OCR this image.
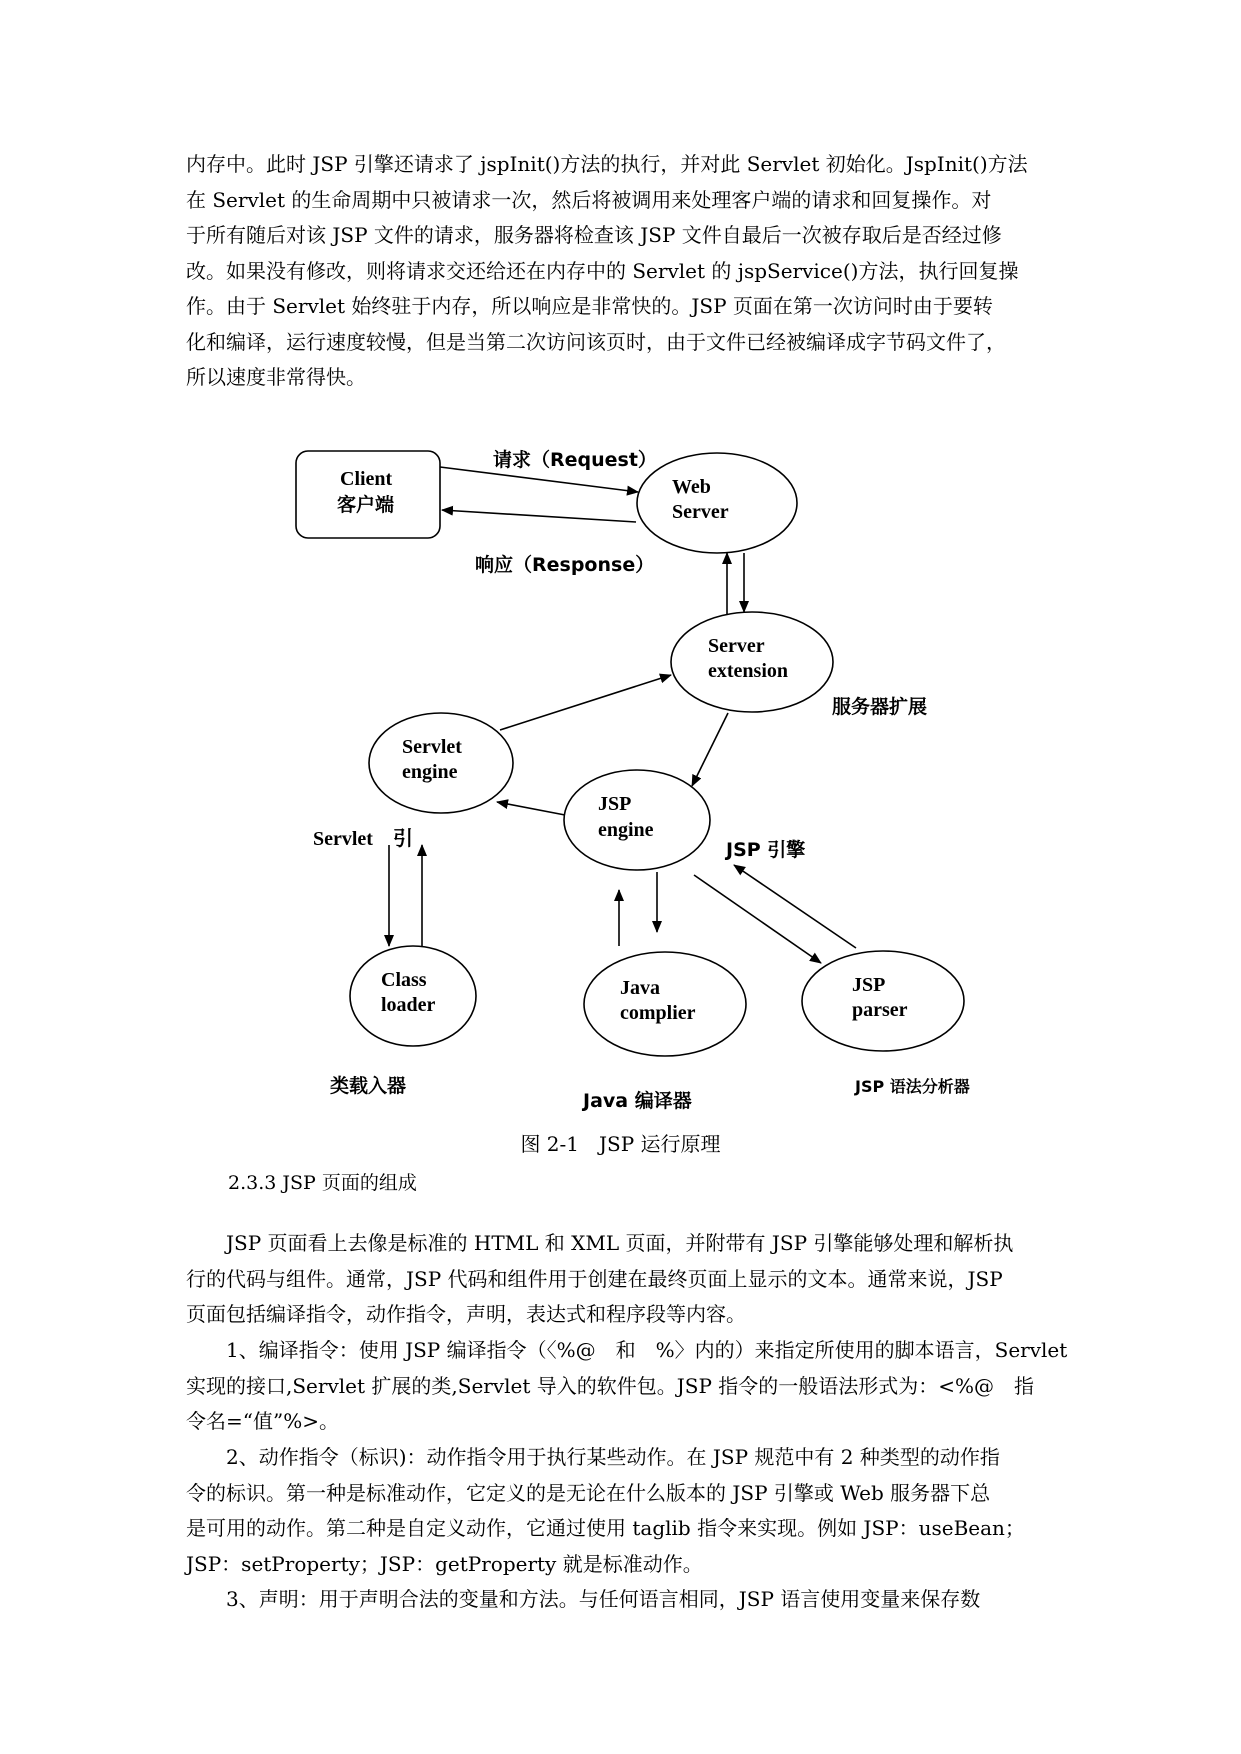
内存中。此时 JSP 引擎还请求了 jspInit()方法的执行，并对此 Servlet 初始化。JspInit()方法
在 Servlet 的生命周期中只被请求一次，然后将被调用来处理客户端的请求和回复操作。对
于所有随后对该 JSP 文件的请求，服务器将检查该 JSP 文件自最后一次被存取后是否经过修
改。如果没有修改，则将请求交还给还在内存中的 Servlet 的 jspService()方法，执行回复操
作。由于 Servlet 始终驻于内存，所以响应是非常快的。JSP 页面在第一次访问时由于要转
化和编译，运行速度较慢，但是当第二次访问该页时，由于文件已经被编译成字节码文件了，
所以速度非常得快。
Client
客户端
Web
Server
请求（Request）
响应（Response）
Server
extension
服务器扩展
Servlet
engine
Servlet　引
JSP
engine
JSP 引擎
Class
loader
类载入器
Java
complier
Java 编译器
JSP
parser
JSP 语法分析器
图 2-1　JSP 运行原理
2.3.3 JSP 页面的组成
JSP 页面看上去像是标准的 HTML 和 XML 页面，并附带有 JSP 引擎能够处理和解析执
行的代码与组件。通常，JSP 代码和组件用于创建在最终页面上显示的文本。通常来说，JSP
页面包括编译指令，动作指令，声明，表达式和程序段等内容。
1、编译指令：使用 JSP 编译指令（〈%@　和　%〉内的）来指定所使用的脚本语言，Servlet
实现的接口,Servlet 扩展的类,Servlet 导入的软件包。JSP 指令的一般语法形式为：<%@　指
令名=“值”%>。
2、动作指令（标识)：动作指令用于执行某些动作。在 JSP 规范中有 2 种类型的动作指
令的标识。第一种是标准动作，它定义的是无论在什么版本的 JSP 引擎或 Web 服务器下总
是可用的动作。第二种是自定义动作，它通过使用 taglib 指令来实现。例如 JSP：useBean；
JSP：setProperty；JSP：getProperty 就是标准动作。
3、声明：用于声明合法的变量和方法。与任何语言相同，JSP 语言使用变量来保存数
